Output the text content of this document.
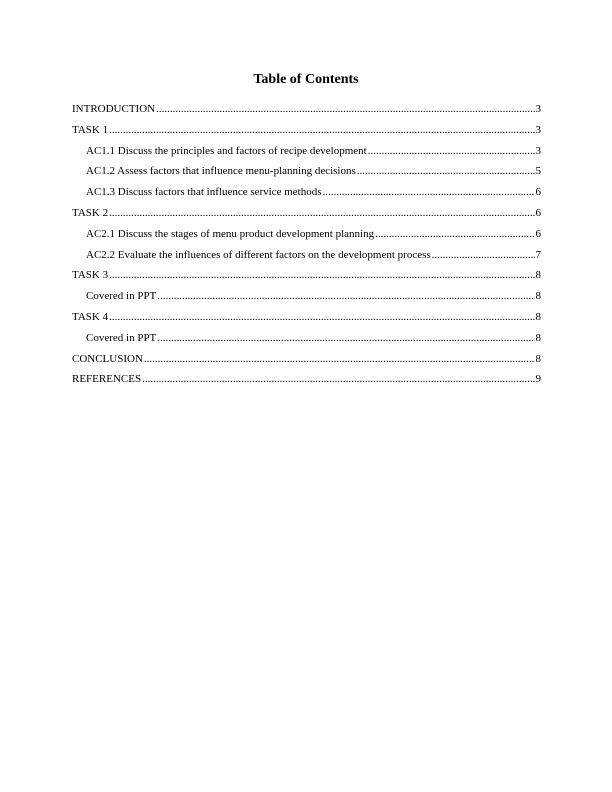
Table of Contents
INTRODUCTION .....	3
TASK 1 .....	3
AC1.1 Discuss the principles and factors of recipe development .....	3
AC1.2 Assess factors that influence menu-planning decisions .....	5
AC1.3 Discuss factors that influence service methods .....	6
TASK 2 .....	6
AC2.1 Discuss the stages of menu product development planning .....	6
AC2.2 Evaluate the influences of different factors on the development process .....	7
TASK 3 .....	8
Covered in PPT .....	8
TASK 4 .....	8
Covered in PPT .....	8
CONCLUSION .....	8
REFERENCES .....	9
